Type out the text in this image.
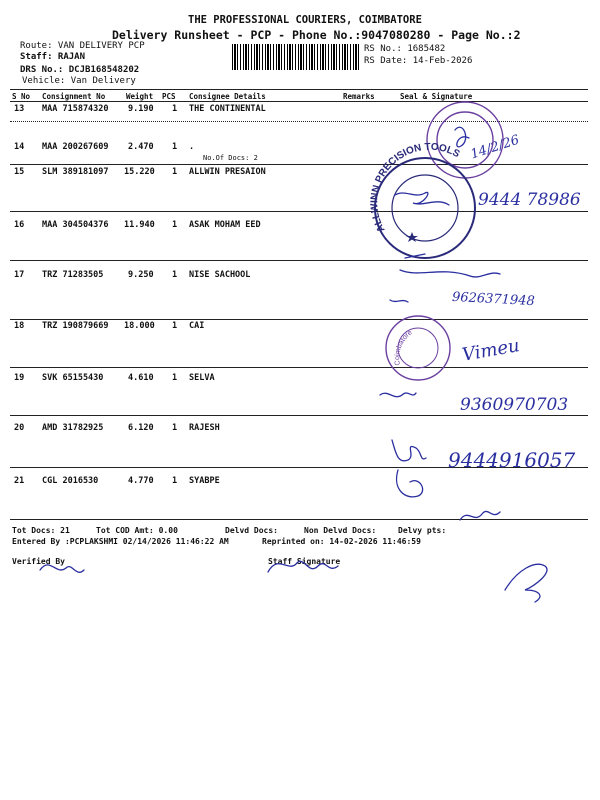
THE PROFESSIONAL COURIERS, COIMBATORE
Delivery Runsheet - PCP - Phone No.:9047080280 - Page No.:2
Route: VAN DELIVERY PCP
Staff: RAJAN
DRS No.: DCJB168548202
Vehicle: Van Delivery
RS No.: 1685482
RS Date: 14-Feb-2026
S No Consignment No	Weight PCS Consignee Details	Remarks	Seal & Signature
13 MAA 715874320 9.190 1 THE CONTINENTAL
14 MAA 200267609 2.470 1 .
No.Of Docs: 2
15 SLM 389181097 15.220 1 ALLWIN PRESAION
16 MAA 304504376 11.940 1 ASAK MOHAM EED
17 TRZ 71283505	9.250 1 NISE SACHOOL
18 TRZ 190879669 18.000 1 CAI
19 SVK 65155430	4.610 1 SELVA
20 AMD 31782925	6.120 1 RAJESH
21 CGL 2016530	4.770 1 SYABPE
Tot Docs: 21	Tot COD Amt: 0.00	Delvd Docs:	Non Delvd Docs:	Delvy pts:
Entered By :PCPLAKSHMI 02/14/2026 11:46:22 AM	Reprinted on: 14-02-2026 11:46:59
Verified By	Staff Signature
14/2/26
9444 78986
9626371948
Vimeu
9360970703
9444916057
ALLWINN PRECISION TOOLS
Coimbatore
